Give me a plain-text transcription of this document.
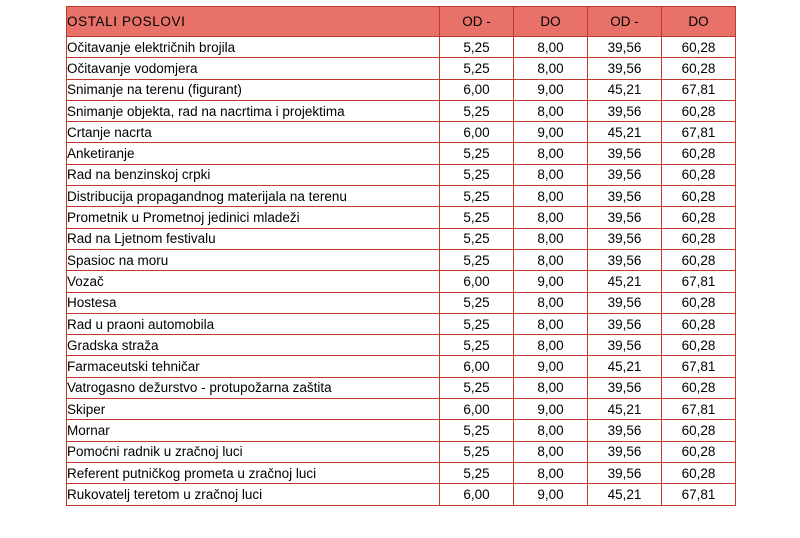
OSTALI POSLOVI	OD -	DO	OD -	DO
Očitavanje električnih brojila	5,25	8,00	39,56	60,28
Očitavanje vodomjera	5,25	8,00	39,56	60,28
Snimanje na terenu (figurant)	6,00	9,00	45,21	67,81
Snimanje objekta, rad na nacrtima i projektima	5,25	8,00	39,56	60,28
Crtanje nacrta	6,00	9,00	45,21	67,81
Anketiranje	5,25	8,00	39,56	60,28
Rad na benzinskoj crpki	5,25	8,00	39,56	60,28
Distribucija propagandnog materijala na terenu	5,25	8,00	39,56	60,28
Prometnik u Prometnoj jedinici mladeži	5,25	8,00	39,56	60,28
Rad na Ljetnom festivalu	5,25	8,00	39,56	60,28
Spasioc na moru	5,25	8,00	39,56	60,28
Vozač	6,00	9,00	45,21	67,81
Hostesa	5,25	8,00	39,56	60,28
Rad u praoni automobila	5,25	8,00	39,56	60,28
Gradska straža	5,25	8,00	39,56	60,28
Farmaceutski tehničar	6,00	9,00	45,21	67,81
Vatrogasno dežurstvo - protupožarna zaštita	5,25	8,00	39,56	60,28
Skiper	6,00	9,00	45,21	67,81
Mornar	5,25	8,00	39,56	60,28
Pomoćni radnik u zračnoj luci	5,25	8,00	39,56	60,28
Referent putničkog prometa u zračnoj luci	5,25	8,00	39,56	60,28
Rukovatelj teretom u zračnoj luci	6,00	9,00	45,21	67,81
